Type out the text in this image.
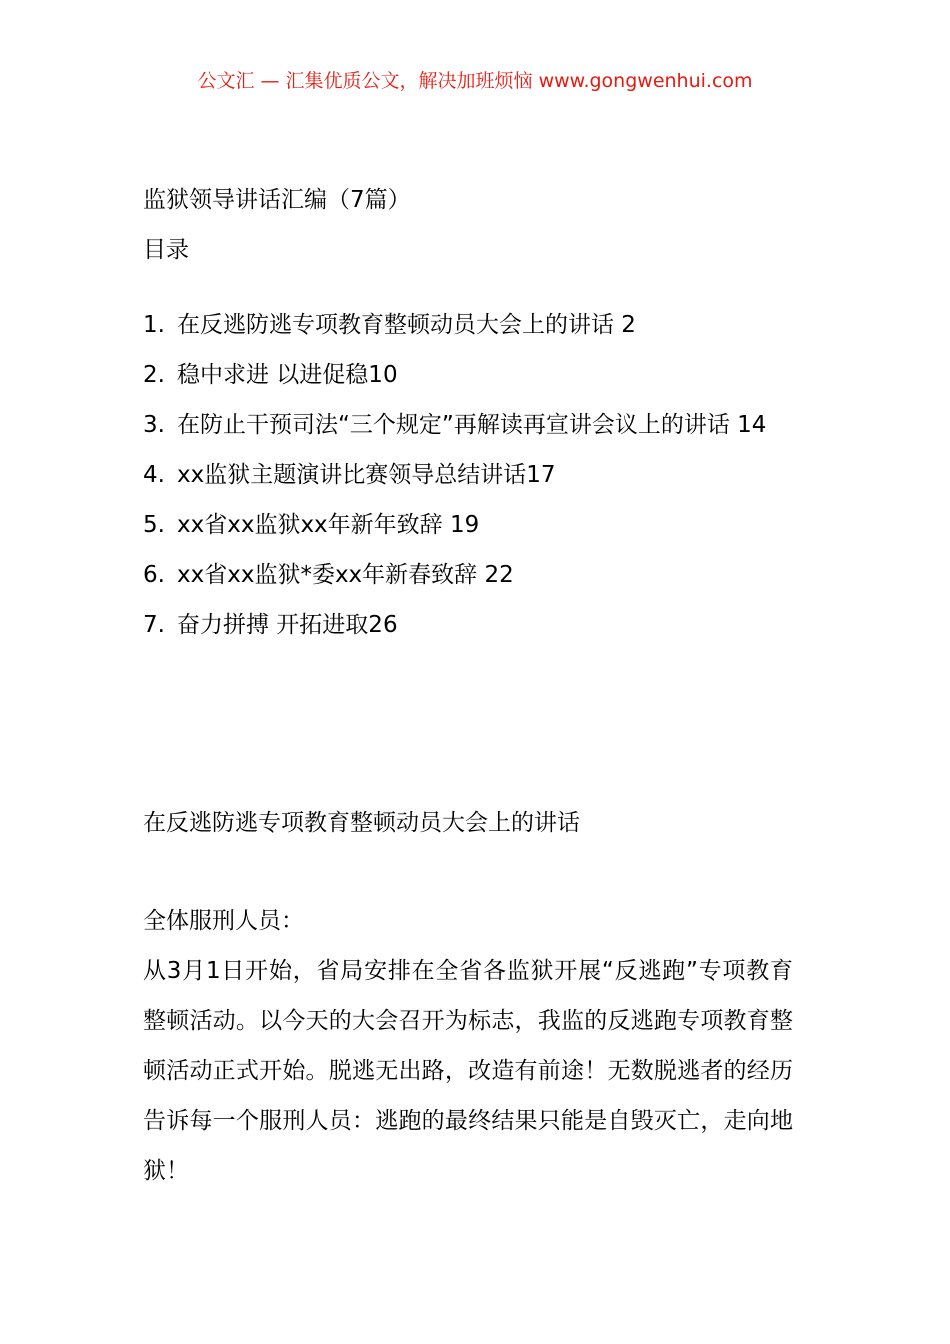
公文汇 — 汇集优质公文，解决加班烦恼 www.gongwenhui.com
监狱领导讲话汇编（7篇）
目录
1. 在反逃防逃专项教育整顿动员大会上的讲话 2
2. 稳中求进 以进促稳10
3. 在防止干预司法“三个规定”再解读再宣讲会议上的讲话 14
4. xx监狱主题演讲比赛领导总结讲话17
5. xx省xx监狱xx年新年致辞 19
6. xx省xx监狱*委xx年新春致辞 22
7. 奋力拼搏 开拓进取26
在反逃防逃专项教育整顿动员大会上的讲话
全体服刑人员：

从3月1日开始，省局安排在全省各监狱开展“反逃跑”专项教育整顿活动。以今天的大会召开为标志，我监的反逃跑专项教育整顿活动正式开始。脱逃无出路，改造有前途！无数脱逃者的经历告诉每一个服刑人员：逃跑的最终结果只能是自毁灭亡，走向地狱！
